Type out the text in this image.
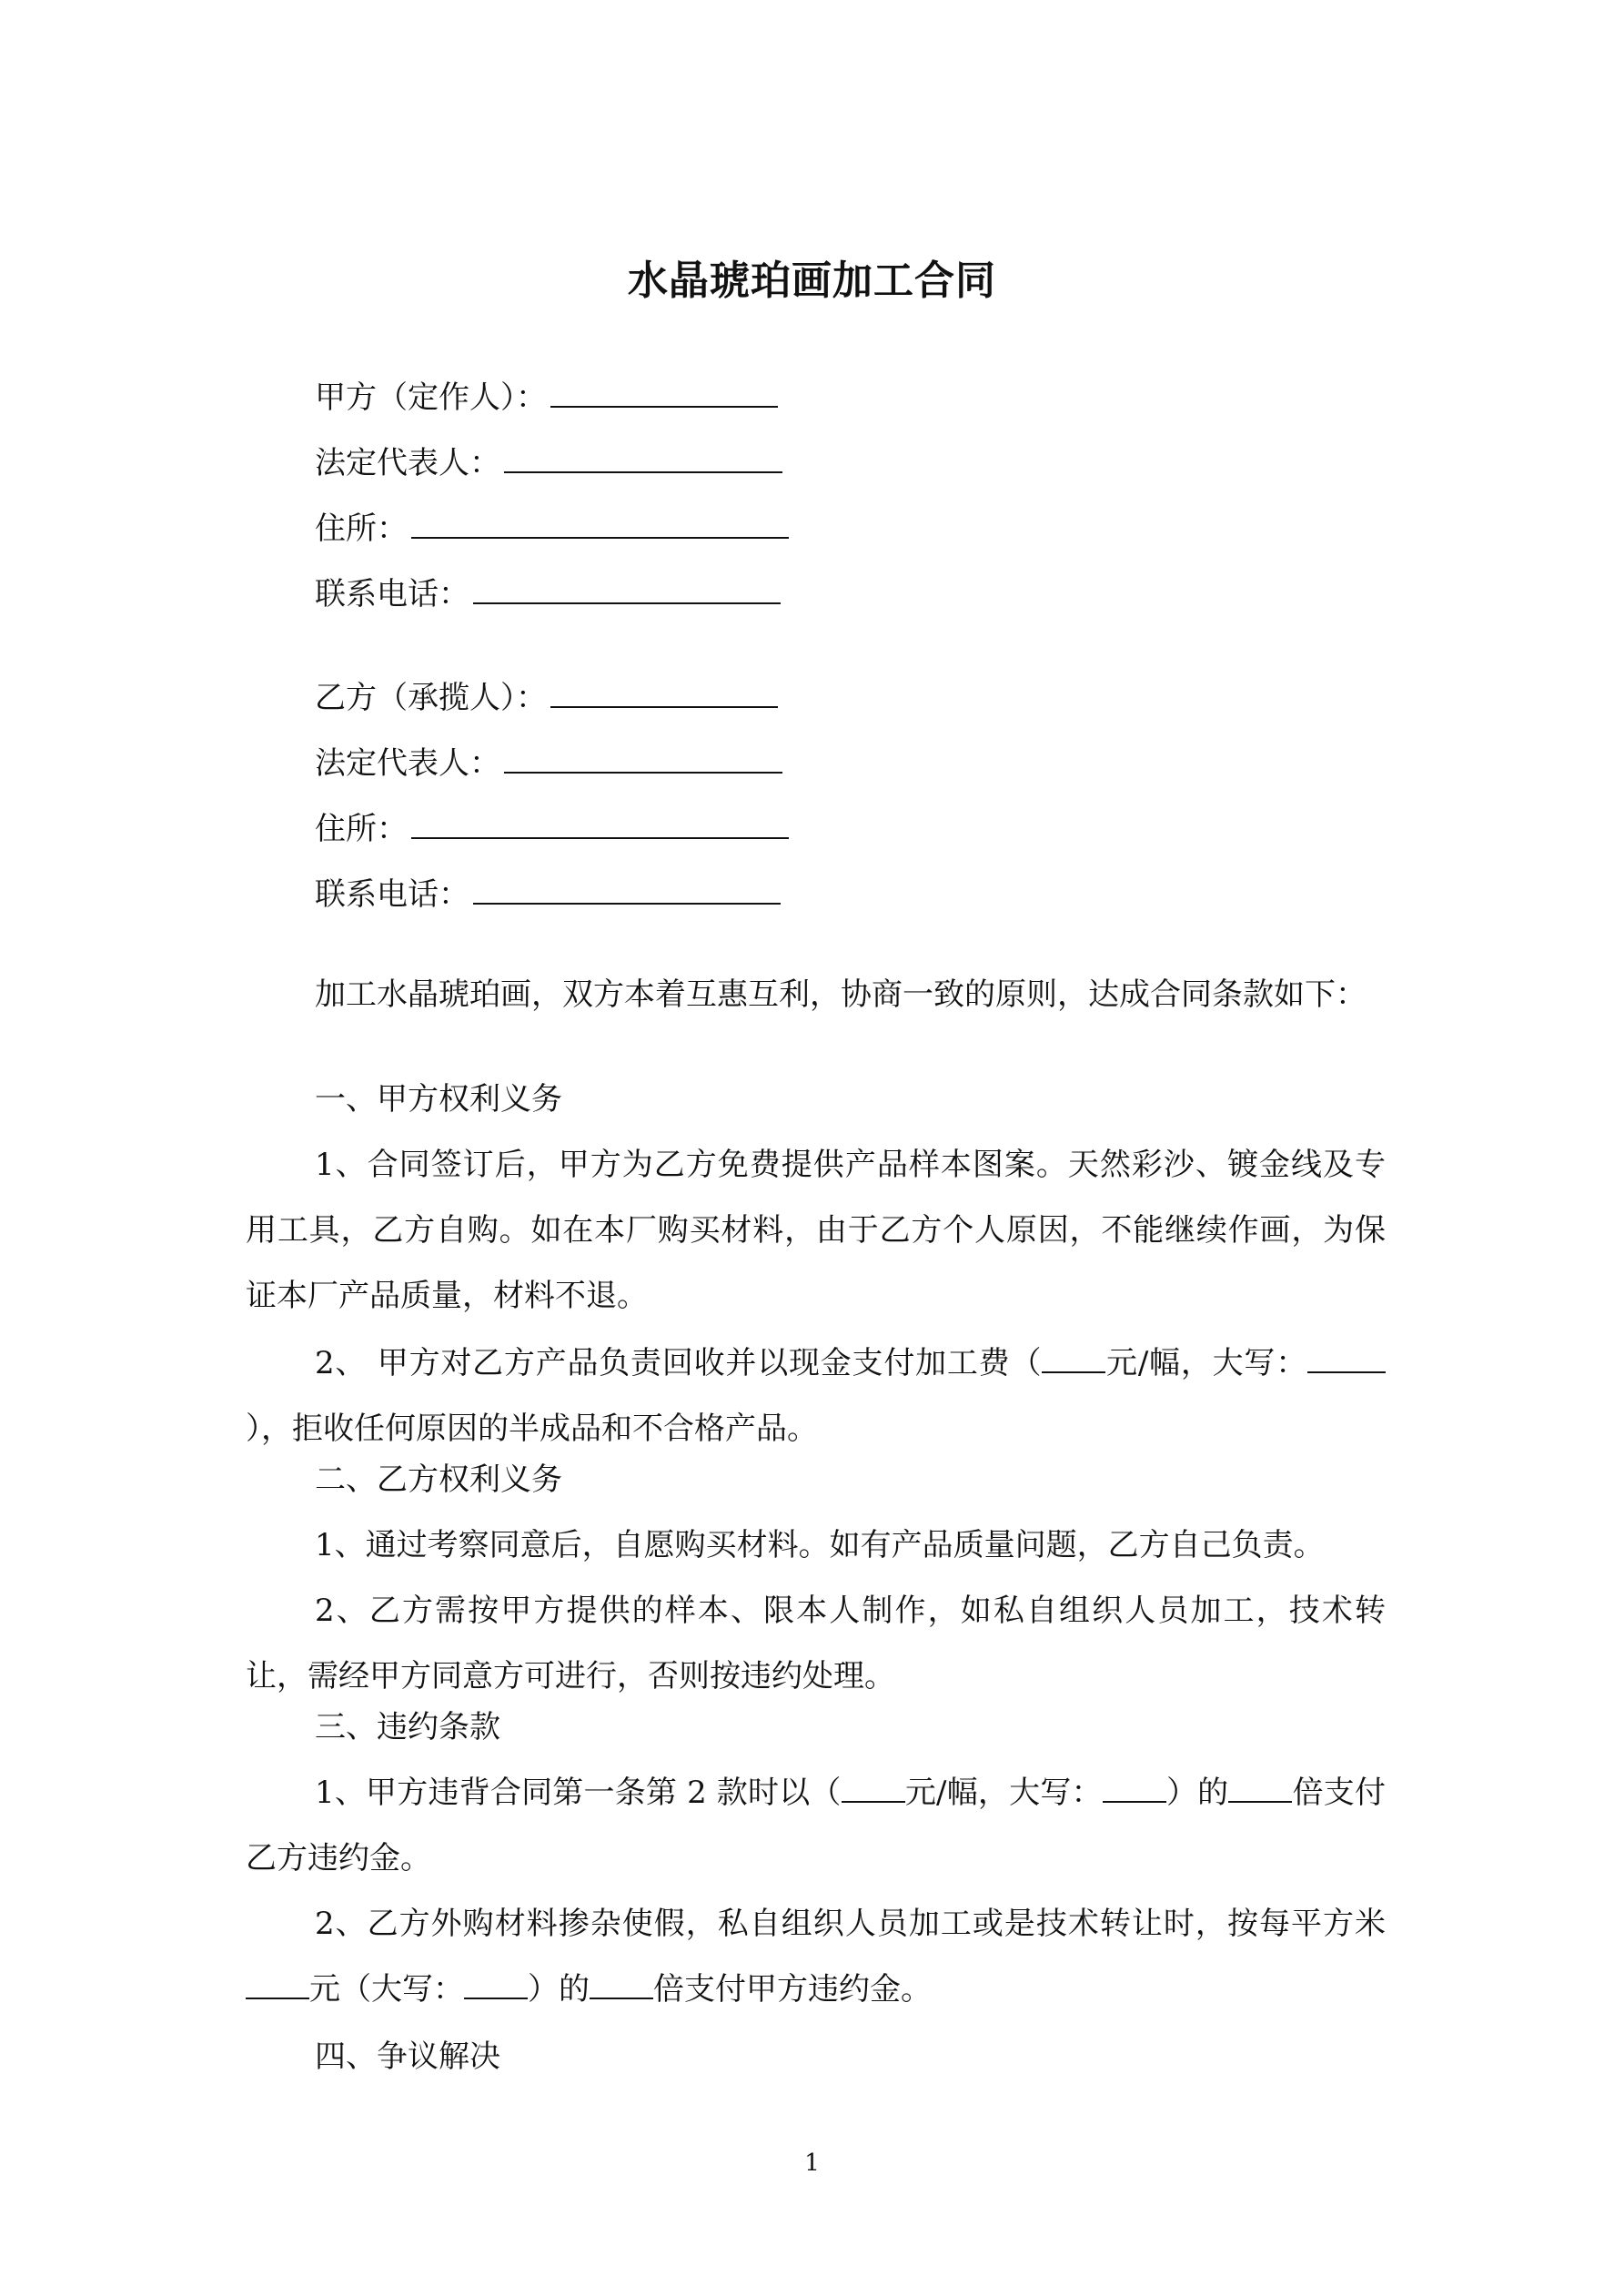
水晶琥珀画加工合同
甲方（定作人）：
法定代表人：
住所：
联系电话：
乙方（承揽人）：
法定代表人：
住所：
联系电话：
加工水晶琥珀画，双方本着互惠互利，协商一致的原则，达成合同条款如下：
一、甲方权利义务
1、合同签订后，甲方为乙方免费提供产品样本图案。天然彩沙、镀金线及专用工具，乙方自购。如在本厂购买材料，由于乙方个人原因，不能继续作画，为保证本厂产品质量，材料不退。
2、 甲方对乙方产品负责回收并以现金支付加工费（ 元/幅，大写：），拒收任何原因的半成品和不合格产品。
二、乙方权利义务
1、通过考察同意后，自愿购买材料。如有产品质量问题，乙方自己负责。
2、乙方需按甲方提供的样本、限本人制作，如私自组织人员加工，技术转让，需经甲方同意方可进行，否则按违约处理。
三、违约条款
1、甲方违背合同第一条第 2 款时以（ 元/幅，大写： ）的 倍支付乙方违约金。
2、乙方外购材料掺杂使假，私自组织人员加工或是技术转让时，按每平方米元（大写： ）的 倍支付甲方违约金。
四、争议解决
1
